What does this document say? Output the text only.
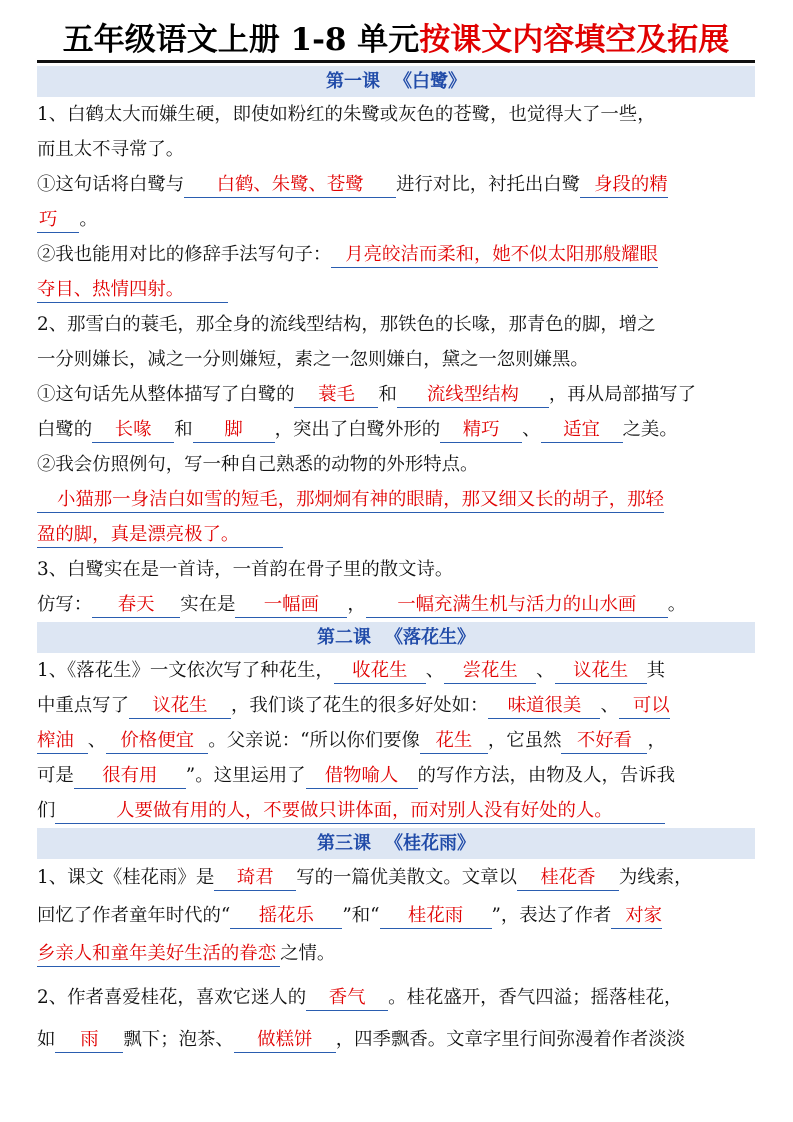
五年级语文上册 1-8 单元按课文内容填空及拓展
第一课 《白鹭》
1、白鹤太大而嫌生硬，即使如粉红的朱鹭或灰色的苍鹭，也觉得大了一些，
而且太不寻常了。
①这句话将白鹭与 白鹤、朱鹭、苍鹭 进行对比，衬托出白鹭 身段的精
巧 。
②我也能用对比的修辞手法写句子： 月亮皎洁而柔和，她不似太阳那般耀眼
夺目、热情四射。
2、那雪白的蓑毛，那全身的流线型结构，那铁色的长喙，那青色的脚，增之
一分则嫌长，减之一分则嫌短，素之一忽则嫌白，黛之一忽则嫌黑。
①这句话先从整体描写了白鹭的 蓑毛 和 流线型结构 ，再从局部描写了
白鹭的 长喙 和 脚 ，突出了白鹭外形的 精巧 、 适宜 之美。
②我会仿照例句，写一种自己熟悉的动物的外形特点。
小猫那一身洁白如雪的短毛，那炯炯有神的眼睛，那又细又长的胡子，那轻
盈的脚，真是漂亮极了。
3、白鹭实在是一首诗，一首韵在骨子里的散文诗。
仿写： 春天 实在是 一幅画 ， 一幅充满生机与活力的山水画 。
第二课 《落花生》
1、《落花生》一文依次写了种花生， 收花生 、 尝花生 、 议花生 其
中重点写了 议花生 ，我们谈了花生的很多好处如： 味道很美 、 可以
榨油 、 价格便宜 。父亲说：“所以你们要像 花生 ，它虽然 不好看 ，
可是 很有用 ”。这里运用了 借物喻人 的写作方法，由物及人，告诉我
们	人要做有用的人，不要做只讲体面，而对别人没有好处的人。
第三课 《桂花雨》
1、课文《桂花雨》是 琦君 写的一篇优美散文。文章以 桂花香 为线索，
回忆了作者童年时代的“ 摇花乐 ”和“ 桂花雨 ”，表达了作者 对家
乡亲人和童年美好生活的眷恋 之情。
2、作者喜爱桂花，喜欢它迷人的 香气 。桂花盛开，香气四溢；摇落桂花，
如 雨 飘下；泡茶、 做糕饼 ，四季飘香。文章字里行间弥漫着作者淡淡
